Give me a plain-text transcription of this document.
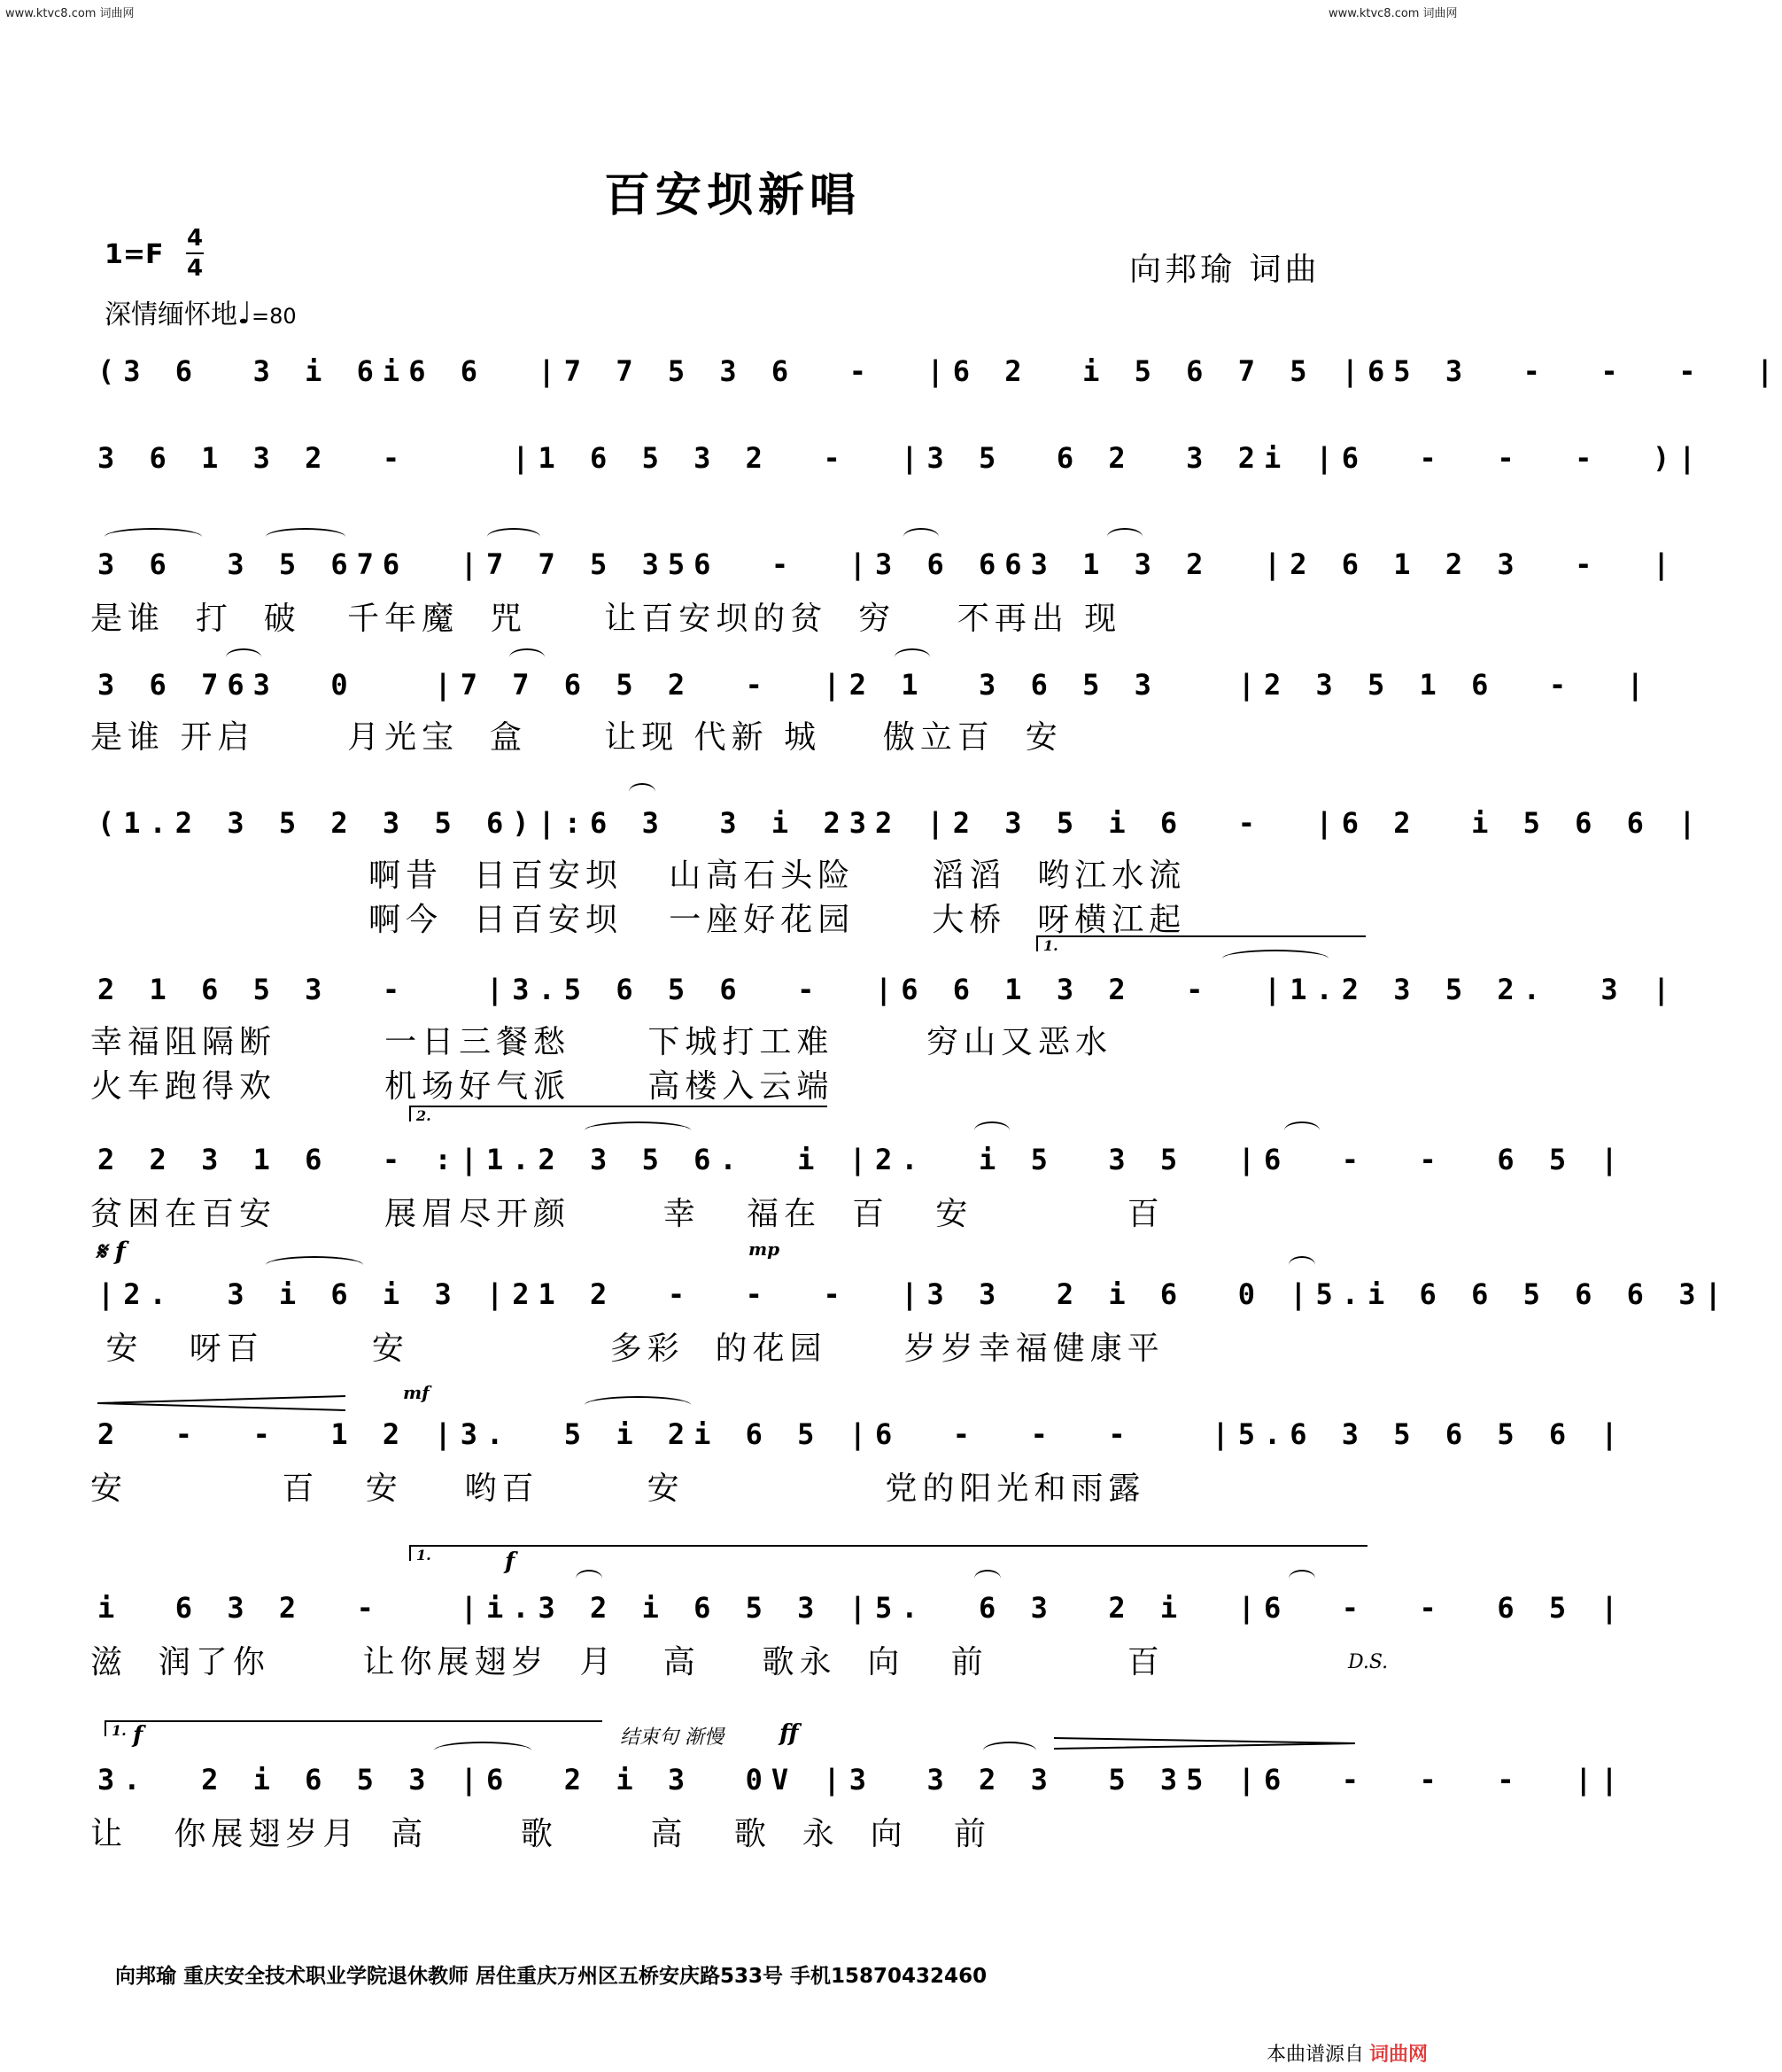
www.ktvc8.com 词曲网	www.ktvc8.com 词曲网
百安坝新唱
1=F
4
4
深情缅怀地♩=80
向邦瑜 词曲
(3 6  3 i 6i6 6  |7 7 5 3 6  -  |6 2  i 5 6 7 5 |65 3  -  -  -  |
3 6 1 3 2  -    |1 6 5 3 2  -  |3 5  6 2  3 2i |6  -  -  -  )|
3 6  3 5 676  |7 7 5 356  -  |3 6 663 1 3 2  |2 6 1 2 3  -  |
是谁  打  破   千年魔  咒     让百安坝的贫  穷    不再出 现
3 6 763  0   |7 7 6 5 2  -  |2 1  3 6 5 3   |2 3 5 1 6  -  |
是谁 开启      月光宝  盒     让现 代新 城    傲立百  安
(1.2 3 5 2 3 5 6)|:6 3  3 i 232 |2 3 5 i 6  -  |6 2  i 5 6 6 |
啊昔  日百安坝   山高石头险     滔滔  哟江水流
啊今  日百安坝   一座好花园     大桥  呀横江起
1.
2 1 6 5 3  -   |3.5 6 5 6  -  |6 6 1 3 2  -  |1.2 3 5 2.  3 |
幸福阻隔断       一日三餐愁     下城打工难      穷山又恶水
火车跑得欢       机场好气派     高楼入云端
2.
2 2 3 1 6  - :|1.2 3 5 6.  i |2.  i 5  3 5  |6  -  -  6 5 |
贫困在百安       展眉尽开颜      幸   福在  百   安          百
𝄋 f	mp
|2.  3 i 6 i 3 |21 2  -  -  -  |3 3  2 i 6  0 |5.i 6 6 5 6 6 3|
安   呀百       安             多彩  的花园     岁岁幸福健康平
mf
2  -  -  1 2 |3.  5 i 2i 6 5 |6  -  -  -   |5.6 3 5 6 5 6 |
安          百   安    哟百       安             党的阳光和雨露
1.	f
i  6 3 2  -   |i.3 2 i 6 5 3 |5.  6 3  2 i  |6  -  -  6 5 |
滋  润了你      让你展翅岁  月   高    歌永  向   前         百	D.S.
1. f	结束句 渐慢 ff
3.  2 i 6 5 3 |6  2 i 3  0V |3  3 2 3  5 35 |6  -  -  -  ||
让   你展翅岁月  高      歌      高   歌  永  向   前
向邦瑜 重庆安全技术职业学院退休教师 居住重庆万州区五桥安庆路533号 手机15870432460
本曲谱源自 词曲网
